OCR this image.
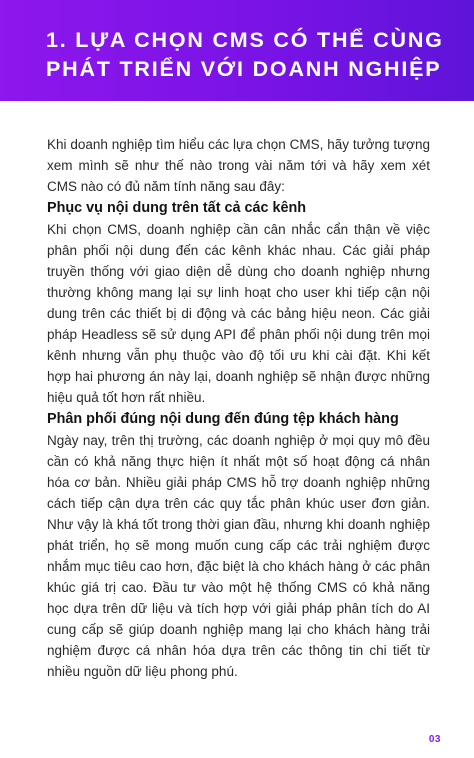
1. LỰA CHỌN CMS CÓ THỂ CÙNG PHÁT TRIỂN VỚI DOANH NGHIỆP

Khi doanh nghiệp tìm hiểu các lựa chọn CMS, hãy tưởng tượng xem mình sẽ như thế nào trong vài năm tới và hãy xem xét CMS nào có đủ năm tính năng sau đây:

Phục vụ nội dung trên tất cả các kênh

Khi chọn CMS, doanh nghiệp cần cân nhắc cẩn thận về việc phân phối nội dung đến các kênh khác nhau. Các giải pháp truyền thống với giao diện dễ dùng cho doanh nghiệp nhưng thường không mang lại sự linh hoạt cho user khi tiếp cận nội dung trên các thiết bị di động và các bảng hiệu neon. Các giải pháp Headless sẽ sử dụng API để phân phối nội dung trên mọi kênh nhưng vẫn phụ thuộc vào độ tối ưu khi cài đặt. Khi kết hợp hai phương án này lại, doanh nghiệp sẽ nhận được những hiệu quả tốt hơn rất nhiều.

Phân phối đúng nội dung đến đúng tệp khách hàng

Ngày nay, trên thị trường, các doanh nghiệp ở mọi quy mô đều cần có khả năng thực hiện ít nhất một số hoạt động cá nhân hóa cơ bản. Nhiều giải pháp CMS hỗ trợ doanh nghiệp những cách tiếp cận dựa trên các quy tắc phân khúc user đơn giản. Như vậy là khá tốt trong thời gian đầu, nhưng khi doanh nghiệp phát triển, họ sẽ mong muốn cung cấp các trải nghiệm được nhắm mục tiêu cao hơn, đặc biệt là cho khách hàng ở các phân khúc giá trị cao. Đầu tư vào một hệ thống CMS có khả năng học dựa trên dữ liệu và tích hợp với giải pháp phân tích do AI cung cấp sẽ giúp doanh nghiệp mang lại cho khách hàng trải nghiệm được cá nhân hóa dựa trên các thông tin chi tiết từ nhiều nguồn dữ liệu phong phú.

03
